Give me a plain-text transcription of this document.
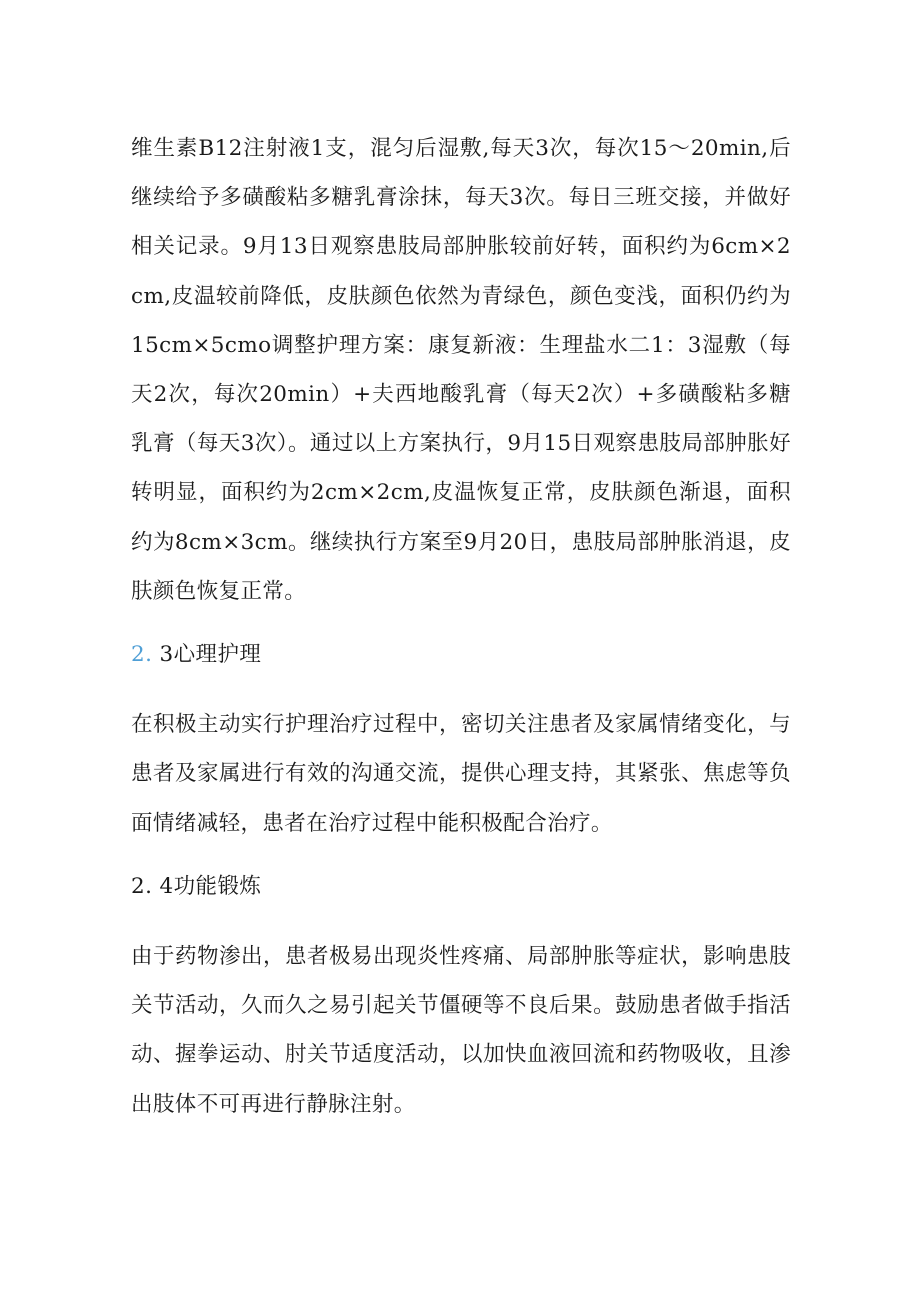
维生素B12注射液1支，混匀后湿敷,每天3次，每次15～20min,后继续给予多磺酸粘多糖乳膏涂抹，每天3次。每日三班交接，并做好相关记录。9月13日观察患肢局部肿胀较前好转，面积约为6cm×2cm,皮温较前降低，皮肤颜色依然为青绿色，颜色变浅，面积仍约为15cm×5cmo调整护理方案：康复新液：生理盐水二1：3湿敷（每天2次，每次20min）+夫西地酸乳膏（每天2次）+多磺酸粘多糖乳膏（每天3次）。通过以上方案执行，9月15日观察患肢局部肿胀好转明显，面积约为2cm×2cm,皮温恢复正常，皮肤颜色渐退，面积约为8cm×3cm。继续执行方案至9月20日，患肢局部肿胀消退，皮肤颜色恢复正常。

2. 3心理护理

在积极主动实行护理治疗过程中，密切关注患者及家属情绪变化，与患者及家属进行有效的沟通交流，提供心理支持，其紧张、焦虑等负面情绪减轻，患者在治疗过程中能积极配合治疗。

2. 4功能锻炼

由于药物渗出，患者极易出现炎性疼痛、局部肿胀等症状，影响患肢关节活动，久而久之易引起关节僵硬等不良后果。鼓励患者做手指活动、握拳运动、肘关节适度活动，以加快血液回流和药物吸收，且渗出肢体不可再进行静脉注射。
